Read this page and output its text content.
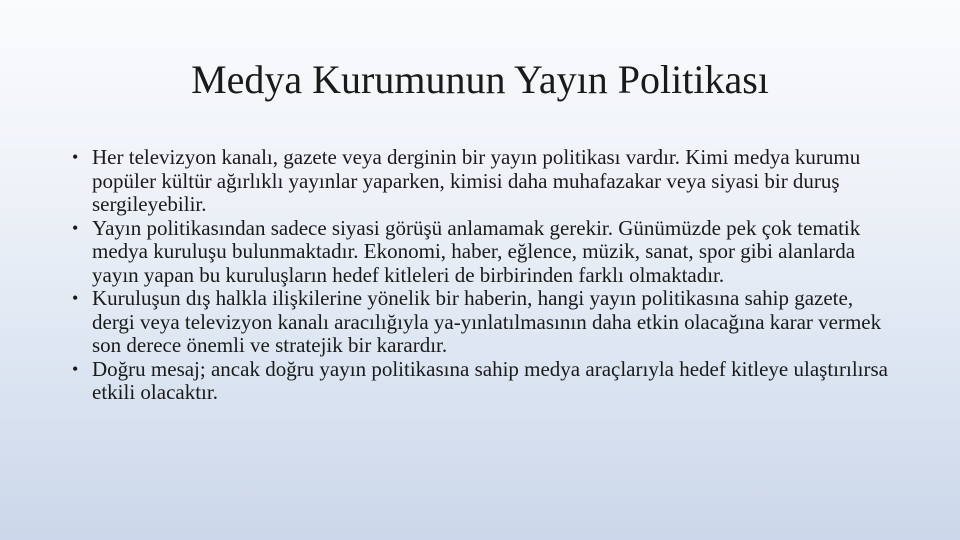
Medya Kurumunun Yayın Politikası
• Her televizyon kanalı, gazete veya derginin bir yayın politikası vardır. Kimi medya kurumu popüler kültür ağırlıklı yayınlar yaparken, kimisi daha muhafazakar veya siyasi bir duruş sergileyebilir.
• Yayın politikasından sadece siyasi görüşü anlamamak gerekir. Günümüzde pek çok tematik medya kuruluşu bulunmaktadır. Ekonomi, haber, eğlence, müzik, sanat, spor gibi alanlarda yayın yapan bu kuruluşların hedef kitleleri de birbirinden farklı olmaktadır.
• Kuruluşun dış halkla ilişkilerine yönelik bir haberin, hangi yayın politikasına sahip gazete, dergi veya televizyon kanalı aracılığıyla ya-yınlatılmasının daha etkin olacağına karar vermek son derece önemli ve stratejik bir karardır.
• Doğru mesaj; ancak doğru yayın politikasına sahip medya araçlarıyla hedef kitleye ulaştırılırsa etkili olacaktır.
